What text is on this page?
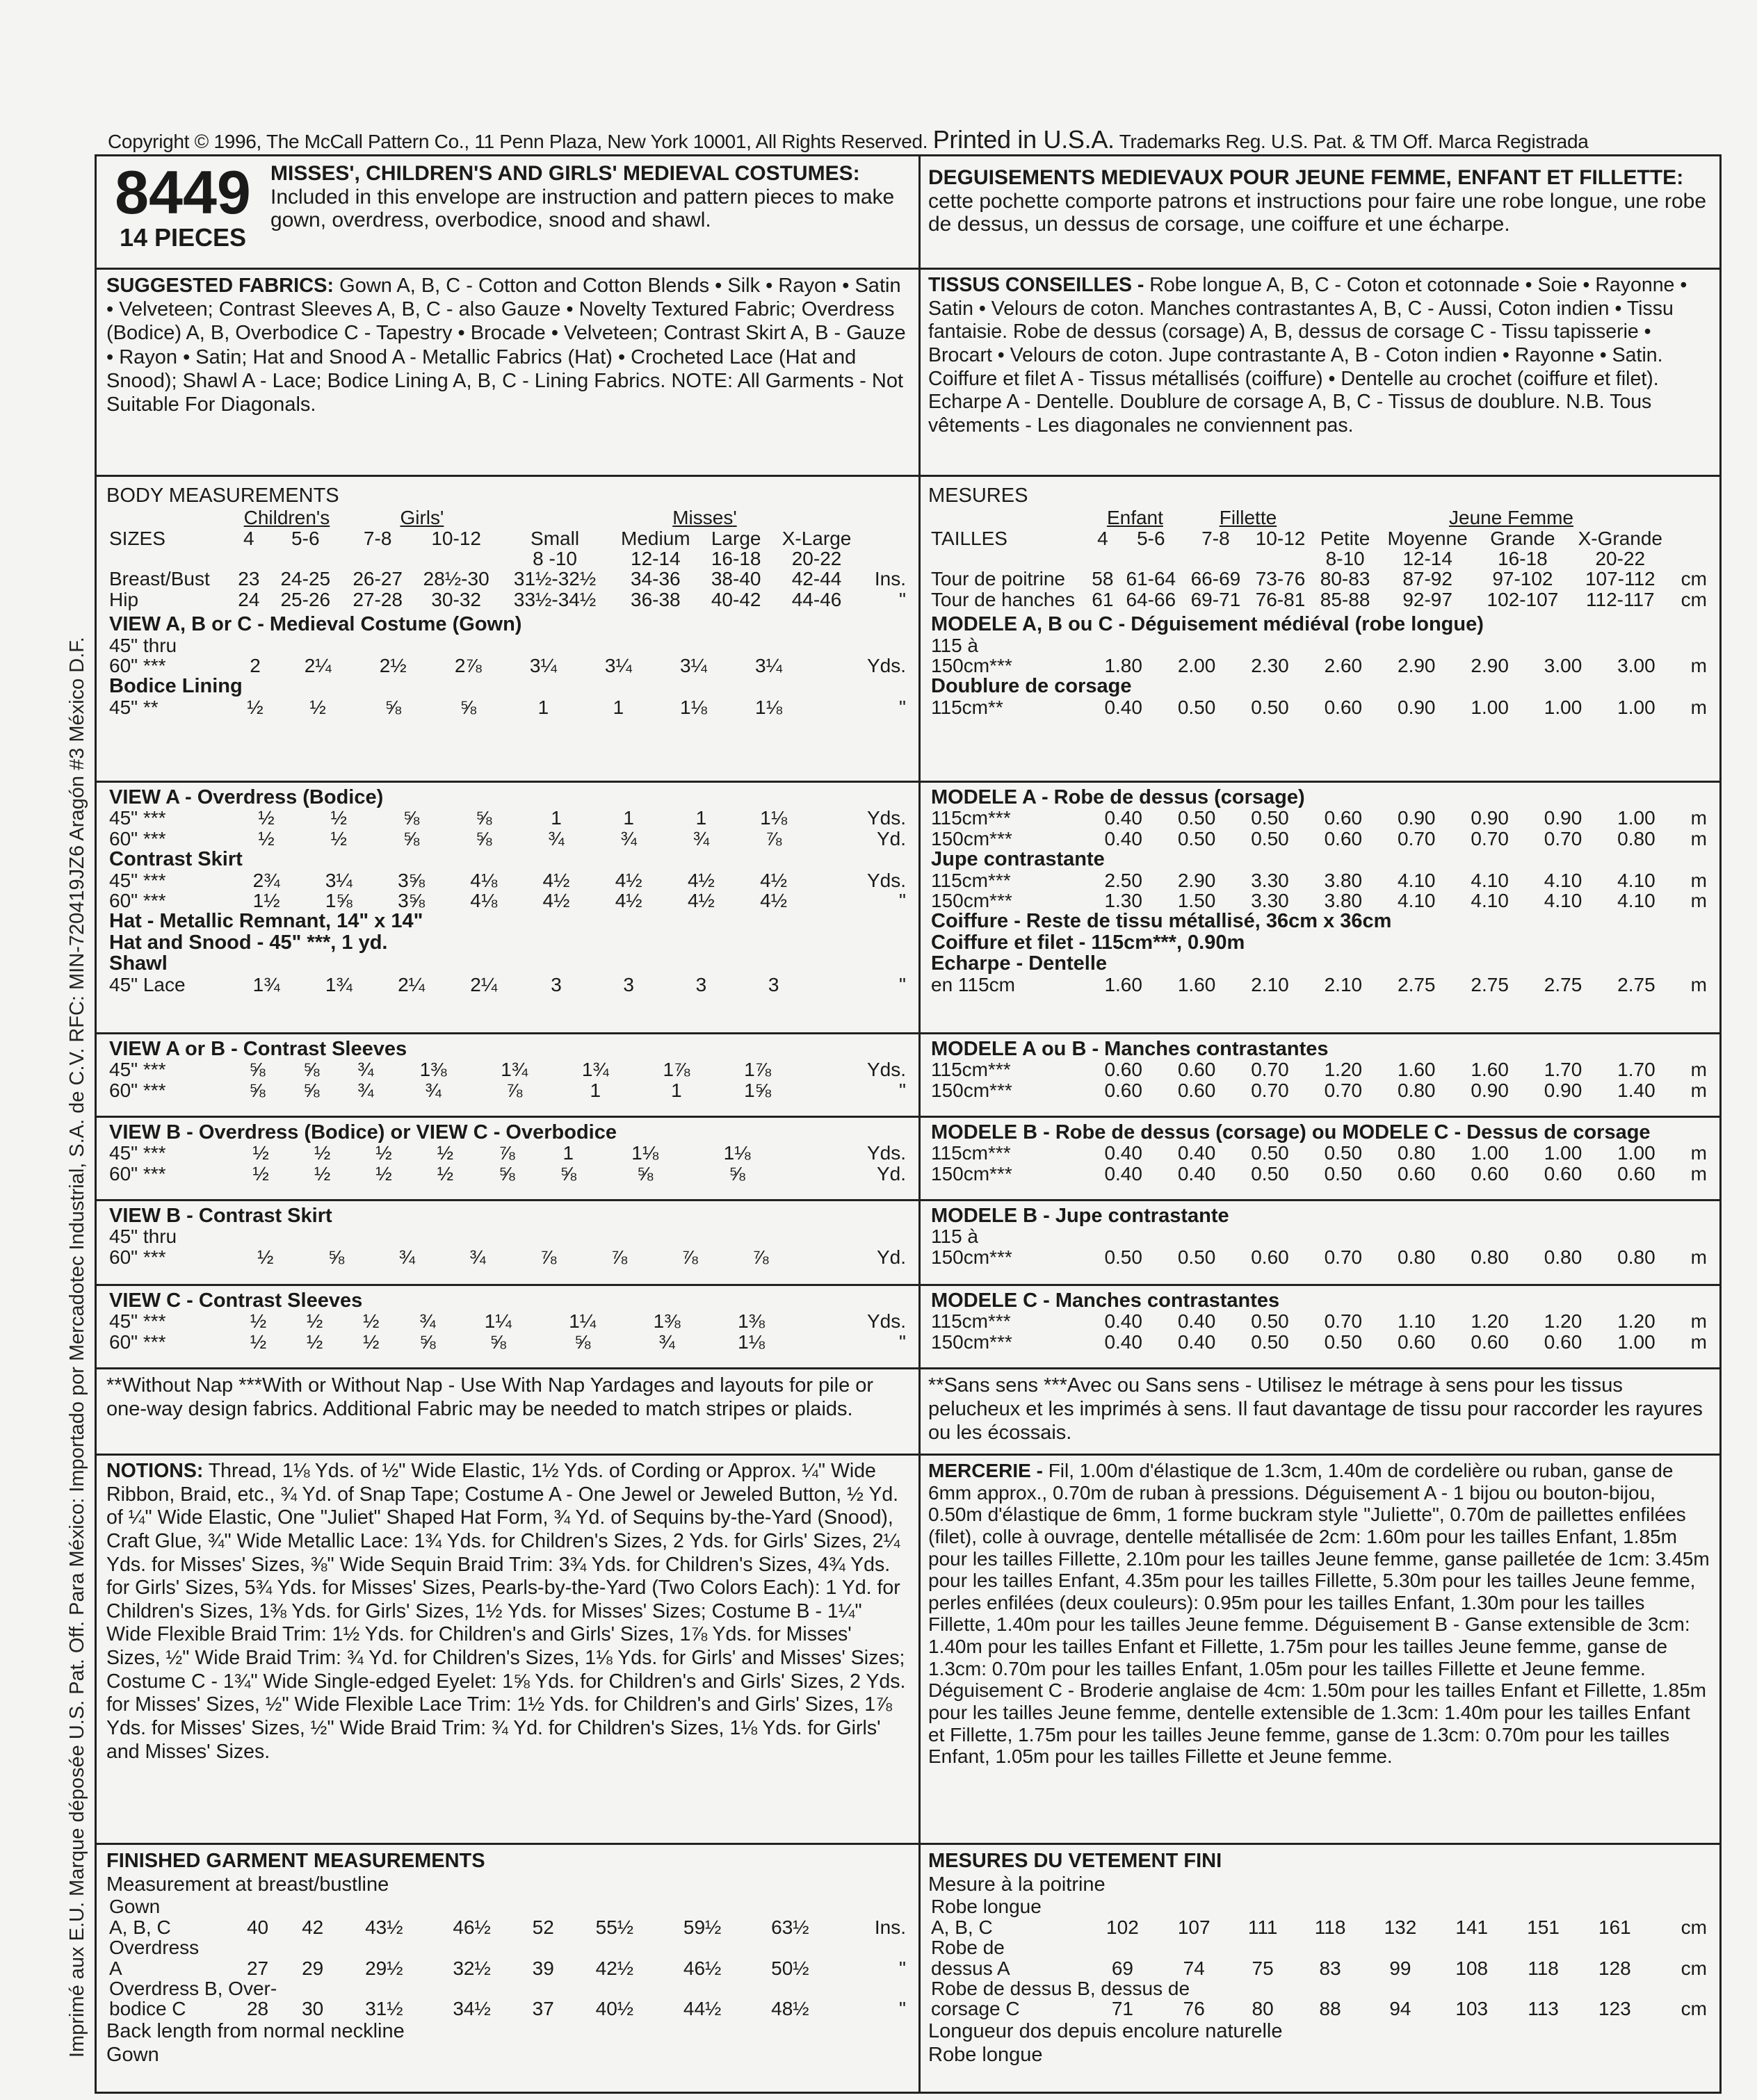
Copyright © 1996, The McCall Pattern Co., 11 Penn Plaza, New York 10001, All Rights Reserved. Printed in U.S.A. Trademarks Reg. U.S. Pat. & TM Off. Marca Registrada
Imprimé aux E.U. Marque déposée U.S. Pat. Off. Para México: Importado por Mercadotec Industrial, S.A. de C.V. RFC: MIN-720419JZ6 Aragón #3 México D.F.
8449
14 PIECES
MISSES', CHILDREN'S AND GIRLS' MEDIEVAL COSTUMES: Included in this envelope are instruction and pattern pieces to make gown, overdress, overbodice, snood and shawl.
SUGGESTED FABRICS: Gown A, B, C - Cotton and Cotton Blends • Silk • Rayon • Satin • Velveteen; Contrast Sleeves A, B, C - also Gauze • Novelty Textured Fabric; Overdress (Bodice) A, B, Overbodice C - Tapestry • Brocade • Velveteen; Contrast Skirt A, B - Gauze • Rayon • Satin; Hat and Snood A - Metallic Fabrics (Hat) • Crocheted Lace (Hat and Snood); Shawl A - Lace; Bodice Lining A, B, C - Lining Fabrics. NOTE: All Garments - Not Suitable For Diagonals.
BODY MEASUREMENTS
	Children's		Girls'		Misses'				
SIZES	4	5-6	7-8	10-12	Small	Medium	Large	X-Large	
					8 -10	12-14	16-18	20-22	
Breast/Bust	23	24-25	26-27	28½-30	31½-32½	34-36	38-40	42-44	Ins.
Hip	24	25-26	27-28	30-32	33½-34½	36-38	40-42	44-46	"
VIEW A, B or C - Medieval Costume (Gown)									
45" thru									
60" ***	2	2¼	2½	2⅞	3¼	3¼	3¼	3¼	Yds.
Bodice Lining									
45" **	½	½	⅝	⅝	1	1	1⅛	1⅛	"
VIEW A - Overdress (Bodice)									
45" ***	½	½	⅝	⅝	1	1	1	1⅛	Yds.
60" ***	½	½	⅝	⅝	¾	¾	¾	⅞	Yd.
Contrast Skirt									
45" ***	2¾	3¼	3⅝	4⅛	4½	4½	4½	4½	Yds.
60" ***	1½	1⅝	3⅝	4⅛	4½	4½	4½	4½	"
Hat - Metallic Remnant, 14" x 14"									
Hat and Snood - 45" ***, 1 yd.									
Shawl									
45" Lace	1¾	1¾	2¼	2¼	3	3	3	3	"
VIEW A or B - Contrast Sleeves									
45" ***	⅝	⅝	¾	1⅜	1¾	1¾	1⅞	1⅞	Yds.
60" ***	⅝	⅝	¾	¾	⅞	1	1	1⅝	"
VIEW B - Overdress (Bodice) or VIEW C - Overbodice									
45" ***	½	½	½	½	⅞	1	1⅛	1⅛	Yds.
60" ***	½	½	½	½	⅝	⅝	⅝	⅝	Yd.
VIEW B - Contrast Skirt
45" thru
60" ***	½	⅝	¾	¾	⅞	⅞	⅞	⅞	Yd.
VIEW C - Contrast Sleeves									
45" ***	½	½	½	¾	1¼	1¼	1⅜	1⅜	Yds.
60" ***	½	½	½	⅝	⅝	⅝	¾	1⅛	"
**Without Nap ***With or Without Nap - Use With Nap Yardages and layouts for pile or one-way design fabrics. Additional Fabric may be needed to match stripes or plaids.
NOTIONS: Thread, 1⅛ Yds. of ½" Wide Elastic, 1½ Yds. of Cording or Approx. ¼" Wide Ribbon, Braid, etc., ¾ Yd. of Snap Tape; Costume A - One Jewel or Jeweled Button, ½ Yd. of ¼" Wide Elastic, One "Juliet" Shaped Hat Form, ¾ Yd. of Sequins by-the-Yard (Snood), Craft Glue, ¾" Wide Metallic Lace: 1¾ Yds. for Children's Sizes, 2 Yds. for Girls' Sizes, 2¼ Yds. for Misses' Sizes, ⅜" Wide Sequin Braid Trim: 3¾ Yds. for Children's Sizes, 4¾ Yds. for Girls' Sizes, 5¾ Yds. for Misses' Sizes, Pearls-by-the-Yard (Two Colors Each): 1 Yd. for Children's Sizes, 1⅜ Yds. for Girls' Sizes, 1½ Yds. for Misses' Sizes; Costume B - 1¼" Wide Flexible Braid Trim: 1½ Yds. for Children's and Girls' Sizes, 1⅞ Yds. for Misses' Sizes, ½" Wide Braid Trim: ¾ Yd. for Children's Sizes, 1⅛ Yds. for Girls' and Misses' Sizes; Costume C - 1¾" Wide Single-edged Eyelet: 1⅝ Yds. for Children's and Girls' Sizes, 2 Yds. for Misses' Sizes, ½" Wide Flexible Lace Trim: 1½ Yds. for Children's and Girls' Sizes, 1⅞ Yds. for Misses' Sizes, ½" Wide Braid Trim: ¾ Yd. for Children's Sizes, 1⅛ Yds. for Girls' and Misses' Sizes.
FINISHED GARMENT MEASUREMENTS
Measurement at breast/bustline
Gown									
A, B, C	40	42	43½	46½	52	55½	59½	63½	Ins.
Overdress									
A	27	29	29½	32½	39	42½	46½	50½	"
Overdress B, Over-									
bodice C	28	30	31½	34½	37	40½	44½	48½	"
Back length from normal neckline
Gown
DEGUISEMENTS MEDIEVAUX POUR JEUNE FEMME, ENFANT ET FILLETTE: cette pochette comporte patrons et instructions pour faire une robe longue, une robe de dessus, un dessus de corsage, une coiffure et une écharpe.
TISSUS CONSEILLES - Robe longue A, B, C - Coton et cotonnade • Soie • Rayonne • Satin • Velours de coton. Manches contrastantes A, B, C - Aussi, Coton indien • Tissu fantaisie. Robe de dessus (corsage) A, B, dessus de corsage C - Tissu tapisserie • Brocart • Velours de coton. Jupe contrastante A, B - Coton indien • Rayonne • Satin. Coiffure et filet A - Tissus métallisés (coiffure) • Dentelle au crochet (coiffure et filet). Echarpe A - Dentelle. Doublure de corsage A, B, C - Tissus de doublure. N.B. Tous vêtements - Les diagonales ne conviennent pas.
MESURES
	Enfant		Fillette		Jeune Femme				
TAILLES	4	5-6	7-8	10-12	Petite	Moyenne	Grande	X-Grande	
					8-10	12-14	16-18	20-22	
Tour de poitrine	58	61-64	66-69	73-76	80-83	87-92	97-102	107-112	cm
Tour de hanches	61	64-66	69-71	76-81	85-88	92-97	102-107	112-117	cm
MODELE A, B ou C - Déguisement médiéval (robe longue)									
115 à									
150cm***	1.80	2.00	2.30	2.60	2.90	2.90	3.00	3.00	m
Doublure de corsage									
115cm**	0.40	0.50	0.50	0.60	0.90	1.00	1.00	1.00	m
MODELE A - Robe de dessus (corsage)									
115cm***	0.40	0.50	0.50	0.60	0.90	0.90	0.90	1.00	m
150cm***	0.40	0.50	0.50	0.60	0.70	0.70	0.70	0.80	m
Jupe contrastante									
115cm***	2.50	2.90	3.30	3.80	4.10	4.10	4.10	4.10	m
150cm***	1.30	1.50	3.30	3.80	4.10	4.10	4.10	4.10	m
Coiffure - Reste de tissu métallisé, 36cm x 36cm									
Coiffure et filet - 115cm***, 0.90m									
Echarpe - Dentelle									
en 115cm	1.60	1.60	2.10	2.10	2.75	2.75	2.75	2.75	m
MODELE A ou B - Manches contrastantes									
115cm***	0.60	0.60	0.70	1.20	1.60	1.60	1.70	1.70	m
150cm***	0.60	0.60	0.70	0.70	0.80	0.90	0.90	1.40	m
MODELE B - Robe de dessus (corsage) ou MODELE C - Dessus de corsage									
115cm***	0.40	0.40	0.50	0.50	0.80	1.00	1.00	1.00	m
150cm***	0.40	0.40	0.50	0.50	0.60	0.60	0.60	0.60	m
MODELE B - Jupe contrastante
115 à
150cm***	0.50	0.50	0.60	0.70	0.80	0.80	0.80	0.80	m
MODELE C - Manches contrastantes									
115cm***	0.40	0.40	0.50	0.70	1.10	1.20	1.20	1.20	m
150cm***	0.40	0.40	0.50	0.50	0.60	0.60	0.60	1.00	m
**Sans sens ***Avec ou Sans sens - Utilisez le métrage à sens pour les tissus pelucheux et les imprimés à sens. Il faut davantage de tissu pour raccorder les rayures ou les écossais.
MERCERIE - Fil, 1.00m d'élastique de 1.3cm, 1.40m de cordelière ou ruban, ganse de 6mm approx., 0.70m de ruban à pressions. Déguisement A - 1 bijou ou bouton-bijou, 0.50m d'élastique de 6mm, 1 forme buckram style "Juliette", 0.70m de paillettes enfilées (filet), colle à ouvrage, dentelle métallisée de 2cm: 1.60m pour les tailles Enfant, 1.85m pour les tailles Fillette, 2.10m pour les tailles Jeune femme, ganse pailletée de 1cm: 3.45m pour les tailles Enfant, 4.35m pour les tailles Fillette, 5.30m pour les tailles Jeune femme, perles enfilées (deux couleurs): 0.95m pour les tailles Enfant, 1.30m pour les tailles Fillette, 1.40m pour les tailles Jeune femme. Déguisement B - Ganse extensible de 3cm: 1.40m pour les tailles Enfant et Fillette, 1.75m pour les tailles Jeune femme, ganse de 1.3cm: 0.70m pour les tailles Enfant, 1.05m pour les tailles Fillette et Jeune femme. Déguisement C - Broderie anglaise de 4cm: 1.50m pour les tailles Enfant et Fillette, 1.85m pour les tailles Jeune femme, dentelle extensible de 1.3cm: 1.40m pour les tailles Enfant et Fillette, 1.75m pour les tailles Jeune femme, ganse de 1.3cm: 0.70m pour les tailles Enfant, 1.05m pour les tailles Fillette et Jeune femme.
MESURES DU VETEMENT FINI
Mesure à la poitrine
Robe longue									
A, B, C	102	107	111	118	132	141	151	161	cm
Robe de									
dessus A	69	74	75	83	99	108	118	128	cm
Robe de dessus B, dessus de									
corsage C	71	76	80	88	94	103	113	123	cm
Longueur dos depuis encolure naturelle
Robe longue
